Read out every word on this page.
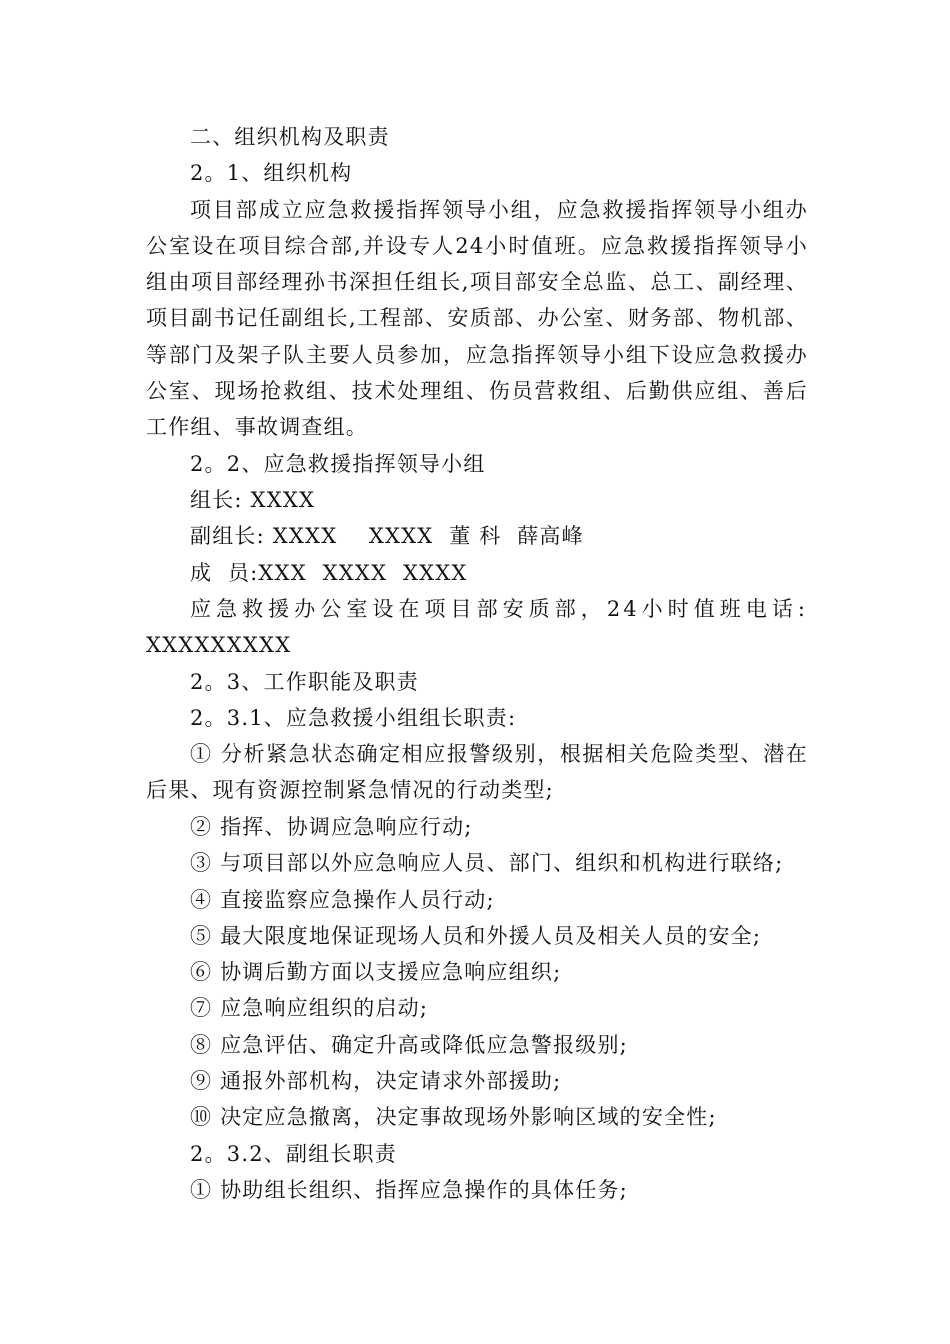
二、组织机构及职责
2。1、组织机构
项目部成立应急救援指挥领导小组，应急救援指挥领导小组办
公室设在项目综合部,并设专人24小时值班。应急救援指挥领导小
组由项目部经理孙书深担任组长,项目部安全总监、总工、副经理、
项目副书记任副组长,工程部、安质部、办公室、财务部、物机部、
等部门及架子队主要人员参加，应急指挥领导小组下设应急救援办
公室、现场抢救组、技术处理组、伤员营救组、后勤供应组、善后
工作组、事故调查组。
2。2、应急救援指挥领导小组
组长: XXXX
副组长: XXXX    XXXX  董 科  薛高峰
成  员:XXX  XXXX  XXXX
应急救援办公室设在项目部安质部，24小时值班电话:
XXXXXXXXX
2。3、工作职能及职责
2。3.1、应急救援小组组长职责:
① 分析紧急状态确定相应报警级别，根据相关危险类型、潜在
后果、现有资源控制紧急情况的行动类型;
② 指挥、协调应急响应行动;
③ 与项目部以外应急响应人员、部门、组织和机构进行联络;
④ 直接监察应急操作人员行动;
⑤ 最大限度地保证现场人员和外援人员及相关人员的安全;
⑥ 协调后勤方面以支援应急响应组织;
⑦ 应急响应组织的启动;
⑧ 应急评估、确定升高或降低应急警报级别;
⑨ 通报外部机构，决定请求外部援助;
⑩ 决定应急撤离，决定事故现场外影响区域的安全性;
2。3.2、副组长职责
① 协助组长组织、指挥应急操作的具体任务;
